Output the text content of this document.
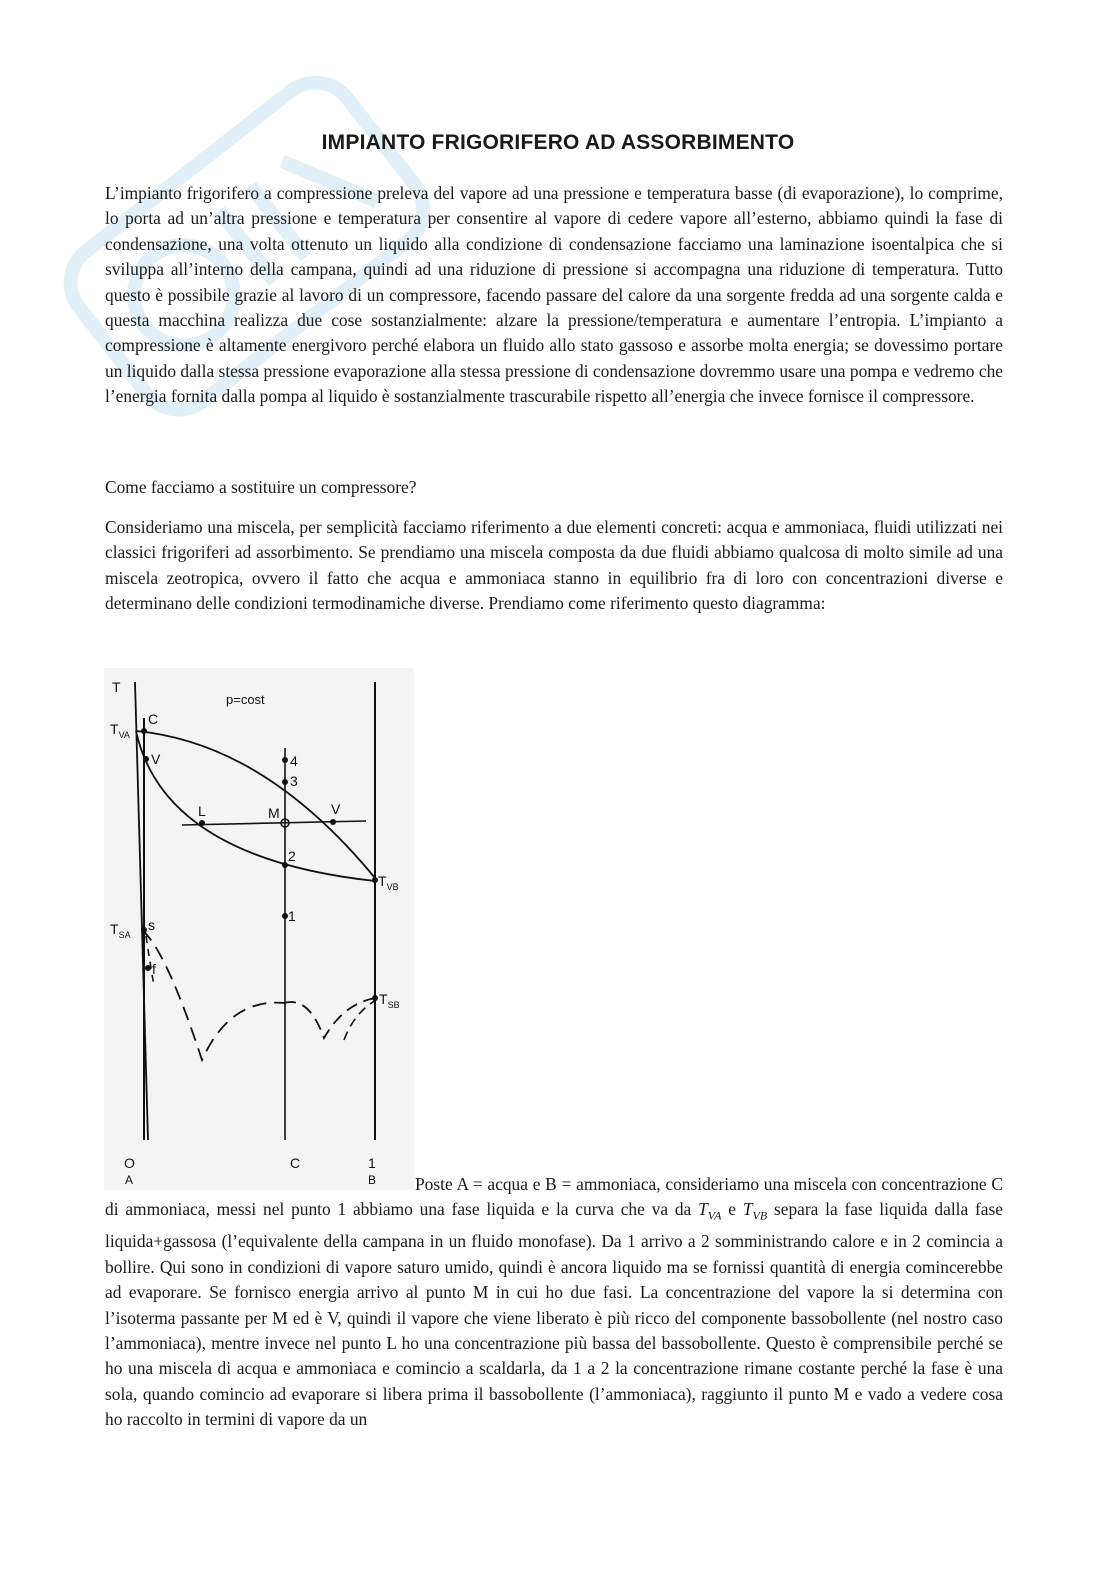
IMPIANTO FRIGORIFERO AD ASSORBIMENTO

L’impianto frigorifero a compressione preleva del vapore ad una pressione e temperatura basse (di evaporazione), lo comprime, lo porta ad un’altra pressione e temperatura per consentire al vapore di cedere vapore all’esterno, abbiamo quindi la fase di condensazione, una volta ottenuto un liquido alla condizione di condensazione facciamo una laminazione isoentalpica che si sviluppa all’interno della campana, quindi ad una riduzione di pressione si accompagna una riduzione di temperatura. Tutto questo è possibile grazie al lavoro di un compressore, facendo passare del calore da una sorgente fredda ad una sorgente calda e questa macchina realizza due cose sostanzialmente: alzare la pressione/temperatura e aumentare l’entropia. L’impianto a compressione è altamente energivoro perché elabora un fluido allo stato gassoso e assorbe molta energia; se dovessimo portare un liquido dalla stessa pressione evaporazione alla stessa pressione di condensazione dovremmo usare una pompa e vedremo che l’energia fornita dalla pompa al liquido è sostanzialmente trascurabile rispetto all’energia che invece fornisce il compressore.

Come facciamo a sostituire un compressore?

Consideriamo una miscela, per semplicità facciamo riferimento a due elementi concreti: acqua e ammoniaca, fluidi utilizzati nei classici frigoriferi ad assorbimento. Se prendiamo una miscela composta da due fluidi abbiamo qualcosa di molto simile ad una miscela zeotropica, ovvero il fatto che acqua e ammoniaca stanno in equilibrio fra di loro con concentrazioni diverse e determinano delle condizioni termodinamiche diverse. Prendiamo come riferimento questo diagramma:

T
p=cost
C
$T_{VA}$
V	4
3
L	M	V
2
$T_{VB}$
1
$T_{SA}$
s
f
$T_{SB}$
O
A
C	1
B	Poste A = acqua e B = ammoniaca, consideriamo una miscela con concentrazione C di ammoniaca, messi nel punto 1 abbiamo una fase liquida e la curva che va da $T_{VA}$ e $T_{VB}$ separa la fase liquida dalla fase liquida+gassosa (l’equivalente della campana in un fluido monofase). Da 1 arrivo a 2 somministrando calore e in 2 comincia a bollire. Qui sono in condizioni di vapore saturo umido, quindi è ancora liquido ma se fornissi quantità di energia comincerebbe ad evaporare. Se fornisco energia arrivo al punto M in cui ho due fasi. La concentrazione del vapore la si determina con l’isoterma passante per M ed è V, quindi il vapore che viene liberato è più ricco del componente bassobollente (nel nostro caso l’ammoniaca), mentre invece nel punto L ho una concentrazione più bassa del bassobollente. Questo è comprensibile perché se ho una miscela di acqua e ammoniaca e comincio a scaldarla, da 1 a 2 la concentrazione rimane costante perché la fase è una sola, quando comincio ad evaporare si libera prima il bassobollente (l’ammoniaca), raggiunto il punto M e vado a vedere cosa ho raccolto in termini di vapore da un
